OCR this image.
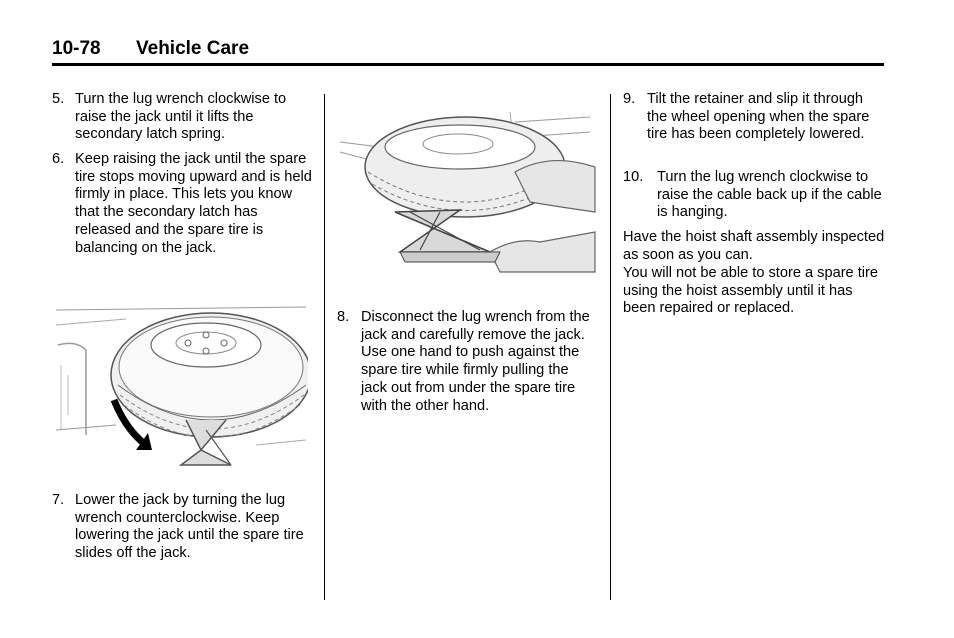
10-78 Vehicle Care
5. Turn the lug wrench clockwise to raise the jack until it lifts the secondary latch spring.
6. Keep raising the jack until the spare tire stops moving upward and is held firmly in place. This lets you know that the secondary latch has released and the spare tire is balancing on the jack.
7. Lower the jack by turning the lug wrench counterclockwise. Keep lowering the jack until the spare tire slides off the jack.
8. Disconnect the lug wrench from the jack and carefully remove the jack. Use one hand to push against the spare tire while firmly pulling the jack out from under the spare tire with the other hand.
9. Tilt the retainer and slip it through the wheel opening when the spare tire has been completely lowered.
10. Turn the lug wrench clockwise to raise the cable back up if the cable is hanging.
Have the hoist shaft assembly inspected as soon as you can.
You will not be able to store a spare tire using the hoist assembly until it has been repaired or replaced.
